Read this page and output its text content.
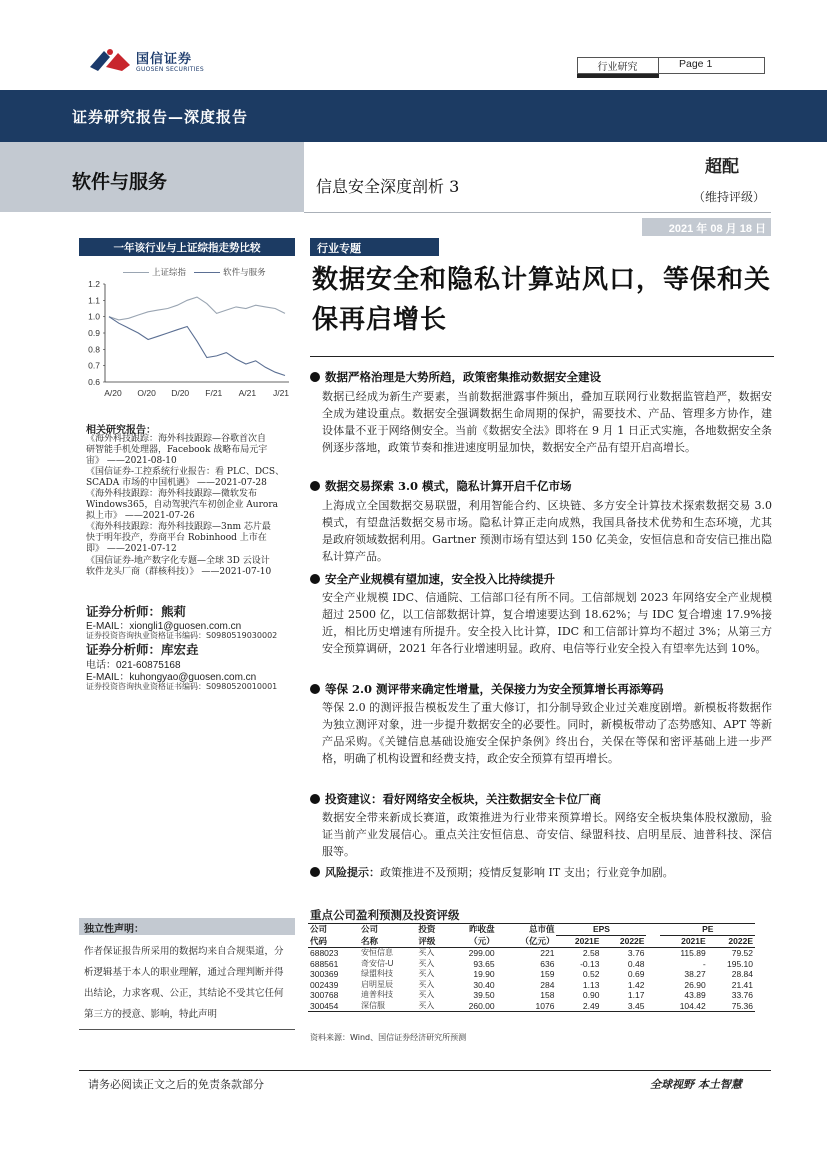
国信证券
GUOSEN SECURITIES	行业研究	Page 1
证券研究报告—深度报告
软件与服务	信息安全深度剖析 3
超配
（维持评级）
2021 年 08 月 18 日
一年该行业与上证综指走势比较
上证综指	软件与服务
0.6
0.7
0.8
0.9
1.0
1.1
1.2
A/20 O/20 D/20 F/21 A/21 J/21
相关研究报告：
《海外科技跟踪：海外科技跟踪—谷歌首次自
研智能手机处理器，Facebook 战略布局元宇
宙》 ——2021-08-10
《国信证券-工控系统行业报告：看 PLC、DCS、
SCADA 市场的中国机遇》 ——2021-07-28
《海外科技跟踪：海外科技跟踪—微软发布
Windows365，自动驾驶汽车初创企业 Aurora
拟上市》 ——2021-07-26
《海外科技跟踪：海外科技跟踪—3nm 芯片最
快于明年投产，券商平台 Robinhood 上市在
即》 ——2021-07-12
《国信证券-地产数字化专题—全球 3D 云设计
软件龙头厂商（群核科技）》 ——2021-07-10
证券分析师：熊莉
E-MAIL：xiongli1@guosen.com.cn
证券投资咨询执业资格证书编码：S0980519030002
证券分析师：库宏垚
电话：021-60875168
E-MAIL：kuhongyao@guosen.com.cn
证券投资咨询执业资格证书编码：S0980520010001
独立性声明：
作者保证报告所采用的数据均来自合规渠道，分析逻辑基于本人的职业理解，通过合理判断并得出结论，力求客观、公正，其结论不受其它任何第三方的授意、影响，特此声明
行业专题
数据安全和隐私计算站风口，等保和关保再启增长
数据严格治理是大势所趋，政策密集推动数据安全建设
数据已经成为新生产要素，当前数据泄露事件频出，叠加互联网行业数据监管趋严，数据安全成为建设重点。数据安全强调数据生命周期的保护，需要技术、产品、管理多方协作，建设体量不亚于网络侧安全。当前《数据安全法》即将在 9 月 1 日正式实施，各地数据安全条例逐步落地，政策节奏和推进速度明显加快，数据安全产品有望开启高增长。
数据交易探索 3.0 模式，隐私计算开启千亿市场
上海成立全国数据交易联盟，利用智能合约、区块链、多方安全计算技术探索数据交易 3.0 模式，有望盘活数据交易市场。隐私计算正走向成熟，我国具备技术优势和生态环境，尤其是政府领域数据利用。Gartner 预测市场有望达到 150 亿美金，安恒信息和奇安信已推出隐私计算产品。
安全产业规模有望加速，安全投入比持续提升
安全产业规模 IDC、信通院、工信部口径有所不同。工信部规划 2023 年网络安全产业规模超过 2500 亿，以工信部数据计算，复合增速要达到 18.62%；与 IDC 复合增速 17.9%接近，相比历史增速有所提升。安全投入比计算，IDC 和工信部计算均不超过 3%；从第三方安全预算调研，2021 年各行业增速明显。政府、电信等行业安全投入有望率先达到 10%。
等保 2.0 测评带来确定性增量，关保接力为安全预算增长再添筹码
等保 2.0 的测评报告模板发生了重大修订，扣分制导致企业过关难度剧增。新模板将数据作为独立测评对象，进一步提升数据安全的必要性。同时，新模板带动了态势感知、APT 等新产品采购。《关键信息基础设施安全保护条例》终出台，关保在等保和密评基础上进一步严格，明确了机构设置和经费支持，政企安全预算有望再增长。
投资建议：看好网络安全板块，关注数据安全卡位厂商
数据安全带来新成长赛道，政策推进为行业带来预算增长。网络安全板块集体股权激励，验证当前产业发展信心。重点关注安恒信息、奇安信、绿盟科技、启明星辰、迪普科技、深信服等。
风险提示：政策推进不及预期；疫情反复影响 IT 支出；行业竞争加剧。
重点公司盈利预测及投资评级
公司	公司	投资	昨收盘	总市值	EPS			PE	
代码	名称	评级	（元）	（亿元）	2021E	2022E		2021E	2022E
688023	安恒信息	买入	299.00	221	2.58	3.76		115.89	79.52
688561	奇安信-U	买入	93.65	636	-0.13	0.48		-	195.10
300369	绿盟科技	买入	19.90	159	0.52	0.69		38.27	28.84
002439	启明星辰	买入	30.40	284	1.13	1.42		26.90	21.41
300768	迪普科技	买入	39.50	158	0.90	1.17		43.89	33.76
300454	深信服	买入	260.00	1076	2.49	3.45		104.42	75.36
资料来源：Wind、国信证券经济研究所预测
请务必阅读正文之后的免责条款部分	全球视野 本土智慧
